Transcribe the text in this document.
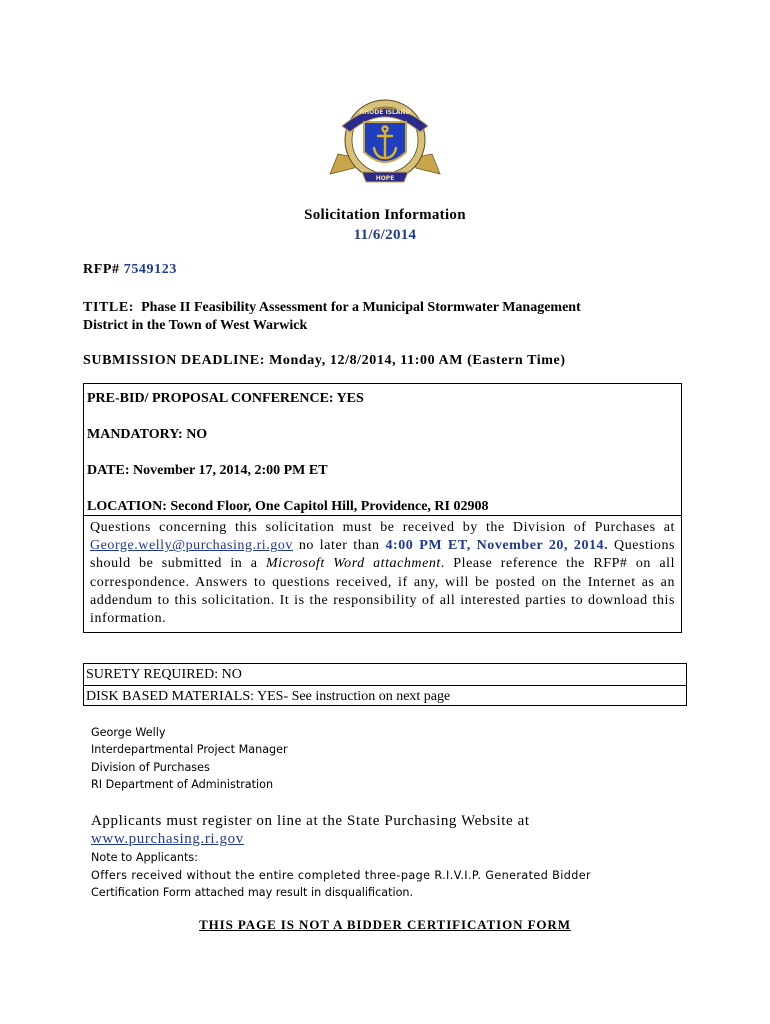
RHODE ISLAND
HOPE
Solicitation Information
11/6/2014
RFP# 7549123
TITLE: Phase II Feasibility Assessment for a Municipal Stormwater Management
District in the Town of West Warwick
SUBMISSION DEADLINE: Monday, 12/8/2014, 11:00 AM (Eastern Time)
PRE-BID/ PROPOSAL CONFERENCE: YES
MANDATORY: NO
DATE: November 17, 2014, 2:00 PM ET
LOCATION: Second Floor, One Capitol Hill, Providence, RI 02908
Questions concerning this solicitation must be received by the Division of Purchases at George.welly@purchasing.ri.gov no later than 4:00 PM ET, November 20, 2014. Questions should be submitted in a Microsoft Word attachment. Please reference the RFP# on all correspondence. Answers to questions received, if any, will be posted on the Internet as an addendum to this solicitation. It is the responsibility of all interested parties to download this information.
SURETY REQUIRED: NO
DISK BASED MATERIALS: YES- See instruction on next page
George Welly
Interdepartmental Project Manager
Division of Purchases
RI Department of Administration
Applicants must register on line at the State Purchasing Website at
www.purchasing.ri.gov
Note to Applicants:
Offers received without the entire completed three-page R.I.V.I.P. Generated Bidder
Certification Form attached may result in disqualification.
THIS PAGE IS NOT A BIDDER CERTIFICATION FORM
